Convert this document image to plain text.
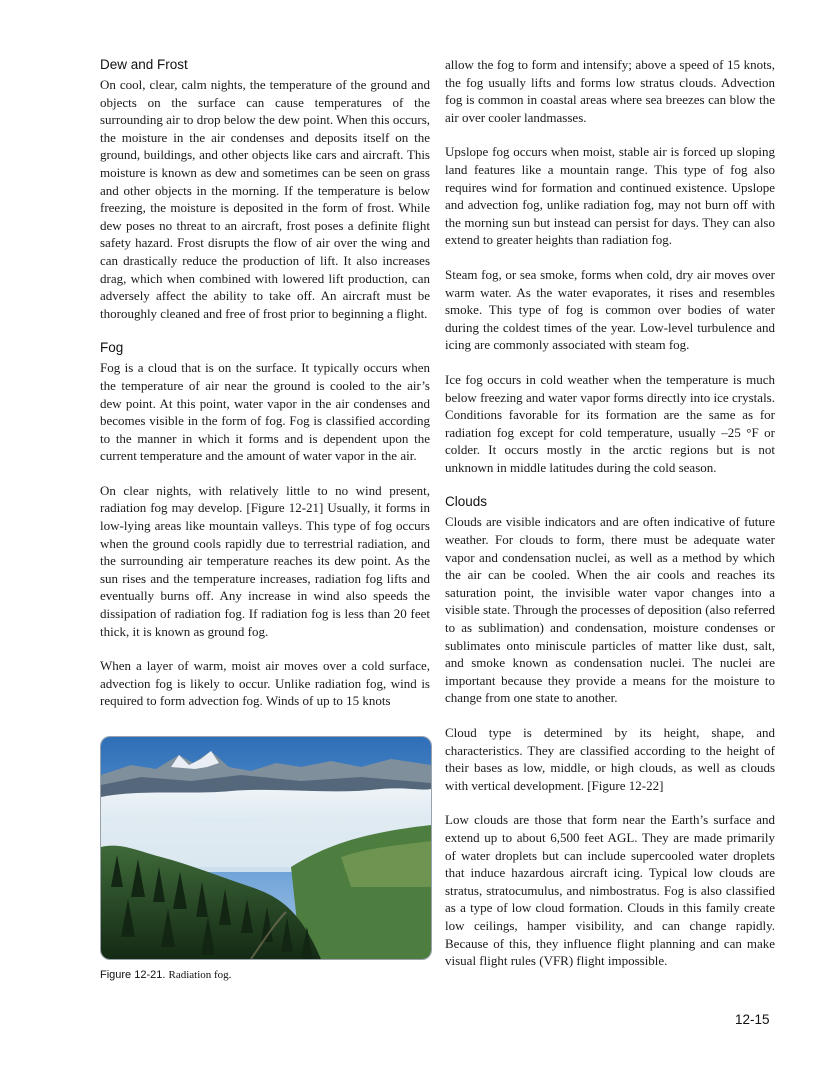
Dew and Frost

On cool, clear, calm nights, the temperature of the ground and objects on the surface can cause temperatures of the surrounding air to drop below the dew point. When this occurs, the moisture in the air condenses and deposits itself on the ground, buildings, and other objects like cars and aircraft. This moisture is known as dew and sometimes can be seen on grass and other objects in the morning. If the temperature is below freezing, the moisture is deposited in the form of frost. While dew poses no threat to an aircraft, frost poses a definite flight safety hazard. Frost disrupts the flow of air over the wing and can drastically reduce the production of lift. It also increases drag, which when combined with lowered lift production, can adversely affect the ability to take off. An aircraft must be thoroughly cleaned and free of frost prior to beginning a flight.

Fog

Fog is a cloud that is on the surface. It typically occurs when the temperature of air near the ground is cooled to the air’s dew point. At this point, water vapor in the air condenses and becomes visible in the form of fog. Fog is classified according to the manner in which it forms and is dependent upon the current temperature and the amount of water vapor in the air.

On clear nights, with relatively little to no wind present, radiation fog may develop. [Figure 12-21] Usually, it forms in low-lying areas like mountain valleys. This type of fog occurs when the ground cools rapidly due to terrestrial radiation, and the surrounding air temperature reaches its dew point. As the sun rises and the temperature increases, radiation fog lifts and eventually burns off. Any increase in wind also speeds the dissipation of radiation fog. If radiation fog is less than 20 feet thick, it is known as ground fog.

When a layer of warm, moist air moves over a cold surface, advection fog is likely to occur. Unlike radiation fog, wind is required to form advection fog. Winds of up to 15 knots

allow the fog to form and intensify; above a speed of 15 knots, the fog usually lifts and forms low stratus clouds. Advection fog is common in coastal areas where sea breezes can blow the air over cooler landmasses.

Upslope fog occurs when moist, stable air is forced up sloping land features like a mountain range. This type of fog also requires wind for formation and continued existence. Upslope and advection fog, unlike radiation fog, may not burn off with the morning sun but instead can persist for days. They can also extend to greater heights than radiation fog.

Steam fog, or sea smoke, forms when cold, dry air moves over warm water. As the water evaporates, it rises and resembles smoke. This type of fog is common over bodies of water during the coldest times of the year. Low-level turbulence and icing are commonly associated with steam fog.

Ice fog occurs in cold weather when the temperature is much below freezing and water vapor forms directly into ice crystals. Conditions favorable for its formation are the same as for radiation fog except for cold temperature, usually –25 °F or colder. It occurs mostly in the arctic regions but is not unknown in middle latitudes during the cold season.

Clouds

Clouds are visible indicators and are often indicative of future weather. For clouds to form, there must be adequate water vapor and condensation nuclei, as well as a method by which the air can be cooled. When the air cools and reaches its saturation point, the invisible water vapor changes into a visible state. Through the processes of deposition (also referred to as sublimation) and condensation, moisture condenses or sublimates onto miniscule particles of matter like dust, salt, and smoke known as condensation nuclei. The nuclei are important because they provide a means for the moisture to change from one state to another.

Cloud type is determined by its height, shape, and characteristics. They are classified according to the height of their bases as low, middle, or high clouds, as well as clouds with vertical development. [Figure 12-22]

Low clouds are those that form near the Earth’s surface and extend up to about 6,500 feet AGL. They are made primarily of water droplets but can include supercooled water droplets that induce hazardous aircraft icing. Typical low clouds are stratus, stratocumulus, and nimbostratus. Fog is also classified as a type of low cloud formation. Clouds in this family create low ceilings, hamper visibility, and can change rapidly. Because of this, they influence flight planning and can make visual flight rules (VFR) flight impossible.

Figure 12-21. Radiation fog.
12-15
